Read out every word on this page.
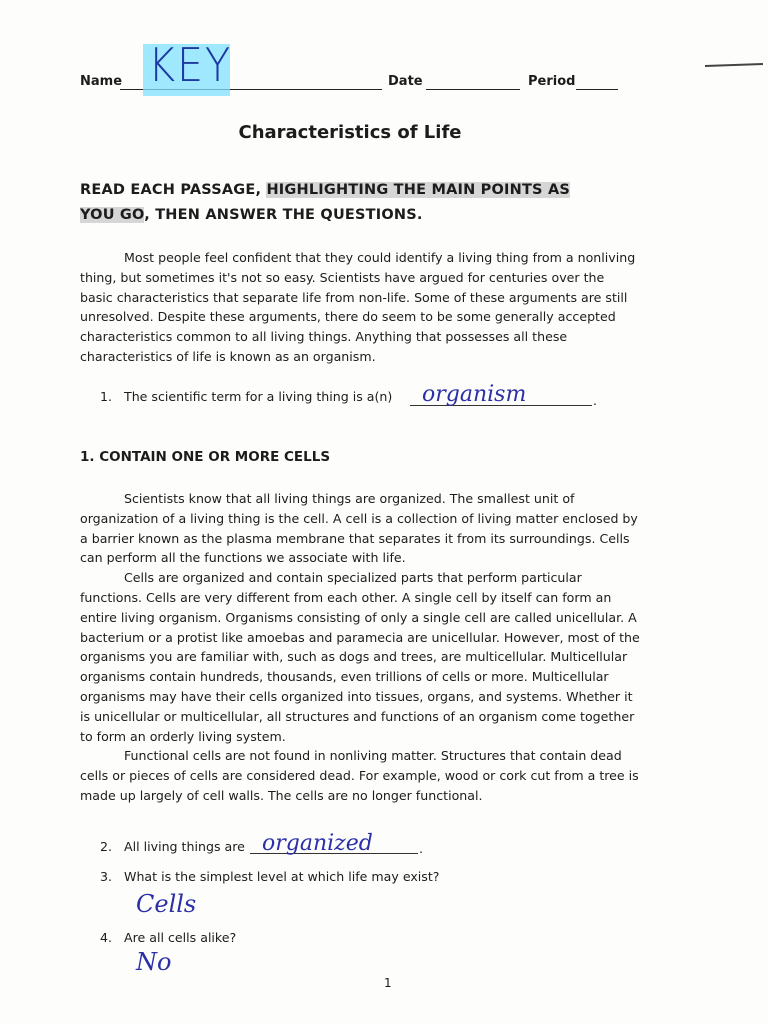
Name KEY	Date	Period
Characteristics of Life
READ EACH PASSAGE, HIGHLIGHTING THE MAIN POINTS AS
YOU GO, THEN ANSWER THE QUESTIONS.

Most people feel confident that they could identify a living thing from a nonliving thing, but sometimes it's not so easy. Scientists have argued for centuries over the basic characteristics that separate life from non-life. Some of these arguments are still unresolved. Despite these arguments, there do seem to be some generally accepted characteristics common to all living things. Anything that possesses all these characteristics of life is known as an organism.

1. The scientific term for a living thing is a(n) organism	.
1. CONTAIN ONE OR MORE CELLS

Scientists know that all living things are organized. The smallest unit of organization of a living thing is the cell. A cell is a collection of living matter enclosed by a barrier known as the plasma membrane that separates it from its surroundings. Cells can perform all the functions we associate with life.

Cells are organized and contain specialized parts that perform particular functions. Cells are very different from each other. A single cell by itself can form an entire living organism. Organisms consisting of only a single cell are called unicellular. A bacterium or a protist like amoebas and paramecia are unicellular. However, most of the organisms you are familiar with, such as dogs and trees, are multicellular. Multicellular organisms contain hundreds, thousands, even trillions of cells or more. Multicellular organisms may have their cells organized into tissues, organs, and systems. Whether it is unicellular or multicellular, all structures and functions of an organism come together to form an orderly living system.

Functional cells are not found in nonliving matter. Structures that contain dead cells or pieces of cells are considered dead. For example, wood or cork cut from a tree is made up largely of cell walls. The cells are no longer functional.

2. All living things are organized	.
3. What is the simplest level at which life may exist?
Cells
4. Are all cells alike?
No
1
